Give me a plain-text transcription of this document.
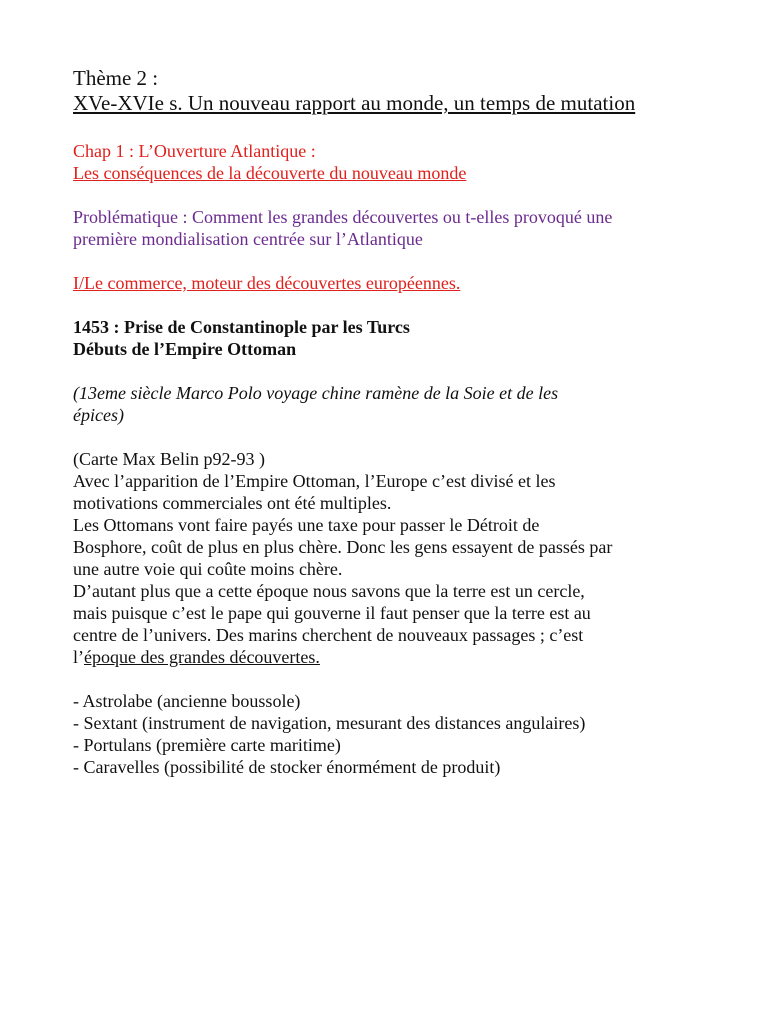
Thème 2 :

XVe-XVIe s. Un nouveau rapport au monde, un temps de mutation

Chap 1 : L’Ouverture Atlantique :

Les conséquences de la découverte du nouveau monde

Problématique : Comment les grandes découvertes ou t-elles provoqué une

première mondialisation centrée sur l’Atlantique

I/Le commerce, moteur des découvertes européennes.

1453 : Prise de Constantinople par les Turcs

Débuts de l’Empire Ottoman

(13eme siècle Marco Polo voyage chine ramène de la Soie et de les

épices)

(Carte Max Belin p92-93 )

Avec l’apparition de l’Empire Ottoman, l’Europe c’est divisé et les

motivations commerciales ont été multiples.

Les Ottomans vont faire payés une taxe pour passer le Détroit de

Bosphore, coût de plus en plus chère. Donc les gens essayent de passés par

une autre voie qui coûte moins chère.

D’autant plus que a cette époque nous savons que la terre est un cercle,

mais puisque c’est le pape qui gouverne il faut penser que la terre est au

centre de l’univers. Des marins cherchent de nouveaux passages ; c’est

l’époque des grandes découvertes.

- Astrolabe (ancienne boussole)

- Sextant (instrument de navigation, mesurant des distances angulaires)

- Portulans (première carte maritime)

- Caravelles (possibilité de stocker énormément de produit)
